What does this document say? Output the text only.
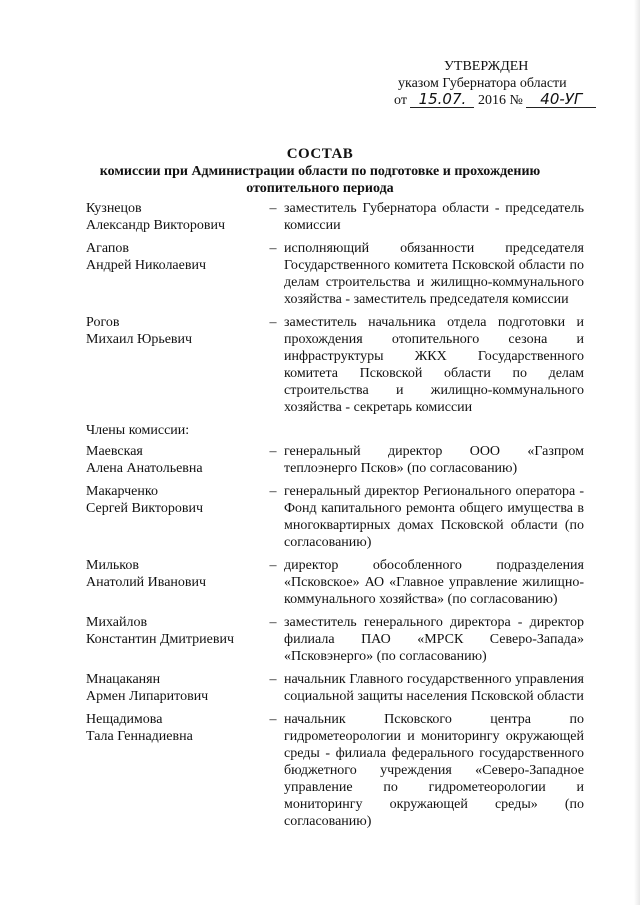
УТВЕРЖДЕН
указом Губернатора области
от 15.07. 2016 № 40-УГ
СОСТАВ
комиссии при Администрации области по подготовке и прохождению
отопительного периода
Кузнецов
Александр Викторович
– заместитель Губернатора области - председатель комиссии
Агапов
Андрей Николаевич
– исполняющий обязанности председателя Государственного комитета Псковской области по делам строительства и жилищно-коммунального хозяйства - заместитель председателя комиссии
Рогов
Михаил Юрьевич
– заместитель начальника отдела подготовки и прохождения отопительного сезона и инфраструктуры ЖКХ Государственного комитета Псковской области по делам строительства и жилищно-коммунального хозяйства - секретарь комиссии
Члены комиссии:
Маевская
Алена Анатольевна
– генеральный директор ООО «Газпром теплоэнерго Псков» (по согласованию)
Макарченко
Сергей Викторович
– генеральный директор Регионального оператора - Фонд капитального ремонта общего имущества в многоквартирных домах Псковской области (по согласованию)
Мильков
Анатолий Иванович
– директор обособленного подразделения «Псковское» АО «Главное управление жилищно-коммунального хозяйства» (по согласованию)
Михайлов
Константин Дмитриевич
– заместитель генерального директора - директор филиала ПАО «МРСК Северо-Запада» «Псковэнерго» (по согласованию)
Мнацаканян
Армен Липаритович
– начальник Главного государственного управления социальной защиты населения Псковской области
Нещадимова
Тала Геннадиевна
– начальник Псковского центра по гидрометеорологии и мониторингу окружающей среды - филиала федерального государственного бюджетного учреждения «Северо-Западное управление по гидрометеорологии и мониторингу окружающей среды» (по согласованию)
